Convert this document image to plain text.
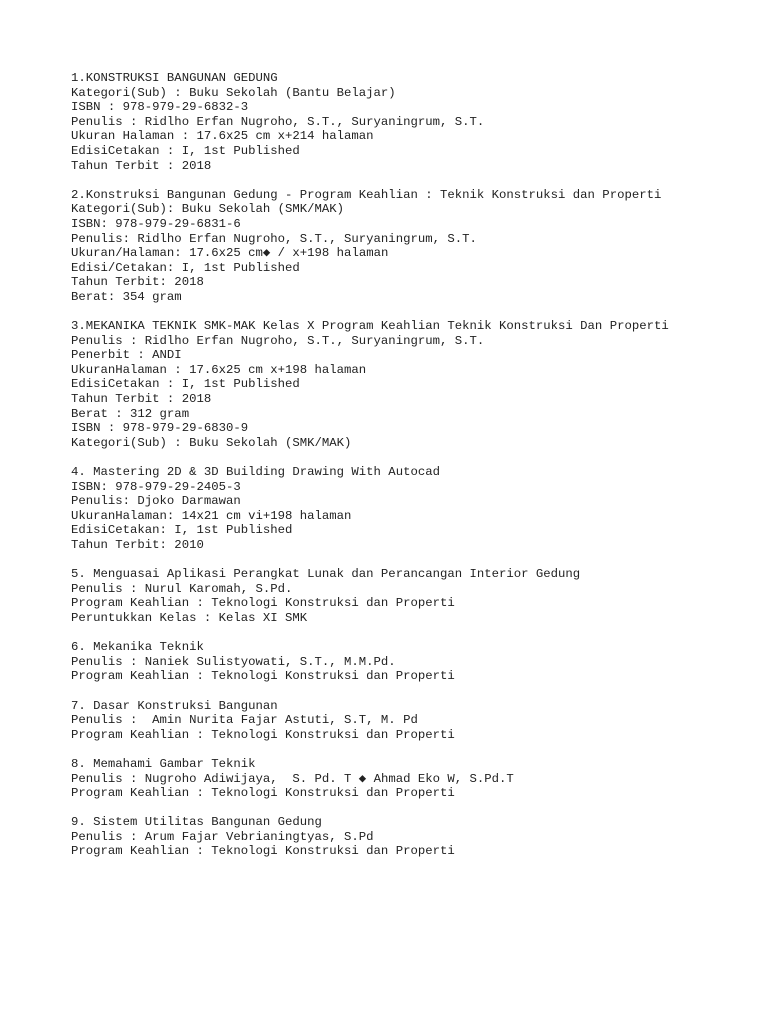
1.KONSTRUKSI BANGUNAN GEDUNG
Kategori(Sub) : Buku Sekolah (Bantu Belajar)
ISBN : 978-979-29-6832-3
Penulis : Ridlho Erfan Nugroho, S.T., Suryaningrum, S.T.
Ukuran Halaman : 17.6x25 cm x+214 halaman
EdisiCetakan : I, 1st Published
Tahun Terbit : 2018
2.Konstruksi Bangunan Gedung - Program Keahlian : Teknik Konstruksi dan Properti
Kategori(Sub): Buku Sekolah (SMK/MAK)
ISBN: 978-979-29-6831-6
Penulis: Ridlho Erfan Nugroho, S.T., Suryaningrum, S.T.
Ukuran/Halaman: 17.6x25 cm◆ / x+198 halaman
Edisi/Cetakan: I, 1st Published
Tahun Terbit: 2018
Berat: 354 gram
3.MEKANIKA TEKNIK SMK-MAK Kelas X Program Keahlian Teknik Konstruksi Dan Properti
Penulis : Ridlho Erfan Nugroho, S.T., Suryaningrum, S.T.
Penerbit : ANDI
UkuranHalaman : 17.6x25 cm x+198 halaman
EdisiCetakan : I, 1st Published
Tahun Terbit : 2018
Berat : 312 gram
ISBN : 978-979-29-6830-9
Kategori(Sub) : Buku Sekolah (SMK/MAK)
4. Mastering 2D & 3D Building Drawing With Autocad
ISBN: 978-979-29-2405-3
Penulis: Djoko Darmawan
UkuranHalaman: 14x21 cm vi+198 halaman
EdisiCetakan: I, 1st Published
Tahun Terbit: 2010
5. Menguasai Aplikasi Perangkat Lunak dan Perancangan Interior Gedung
Penulis : Nurul Karomah, S.Pd.
Program Keahlian : Teknologi Konstruksi dan Properti
Peruntukkan Kelas : Kelas XI SMK
6. Mekanika Teknik
Penulis : Naniek Sulistyowati, S.T., M.M.Pd.
Program Keahlian : Teknologi Konstruksi dan Properti
7. Dasar Konstruksi Bangunan
Penulis :  Amin Nurita Fajar Astuti, S.T, M. Pd
Program Keahlian : Teknologi Konstruksi dan Properti
8. Memahami Gambar Teknik
Penulis : Nugroho Adiwijaya,  S. Pd. T ◆ Ahmad Eko W, S.Pd.T
Program Keahlian : Teknologi Konstruksi dan Properti
9. Sistem Utilitas Bangunan Gedung
Penulis : Arum Fajar Vebrianingtyas, S.Pd
Program Keahlian : Teknologi Konstruksi dan Properti
